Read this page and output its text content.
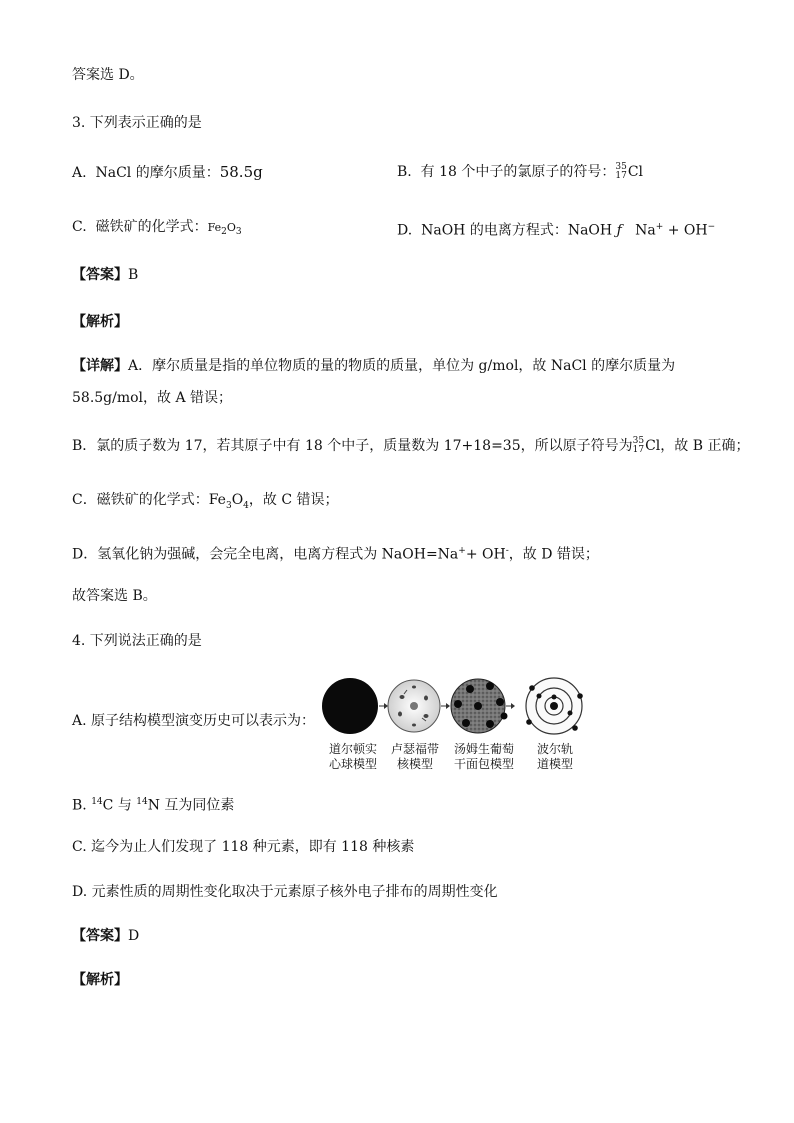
答案选 D。
3. 下列表示正确的是
A. NaCl 的摩尔质量：58.5g	B. 有 18 个中子的氯原子的符号： 35
17 Cl
C. 磁铁矿的化学式：$Fe_2O_3$	D. NaOH 的电离方程式：NaOH ƒ Na+ + OH−
【答案】B
【解析】
【详解】A．摩尔质量是指的单位物质的量的物质的质量，单位为 g/mol，故 NaCl 的摩尔质量为
58.5g/mol，故 A 错误；
B．氯的质子数为 17，若其原子中有 18 个中子，质量数为 17+18=35，所以原子符号为 35
17 Cl，故 B 正确；
C．磁铁矿的化学式：$Fe_3O_4$，故 C 错误；
D．氢氧化钠为强碱，会完全电离，电离方程式为 NaOH=Na++ OH-，故 D 错误；
故答案选 B。
4. 下列说法正确的是
A. 原子结构模型演变历史可以表示为：
道尔顿实
心球模型
卢瑟福带
核模型
汤姆生葡萄
干面包模型
波尔轨
道模型
B. $^{14}$C 与 $^{14}$N 互为同位素
C. 迄今为止人们发现了 118 种元素，即有 118 种核素
D. 元素性质的周期性变化取决于元素原子核外电子排布的周期性变化
【答案】D
【解析】
